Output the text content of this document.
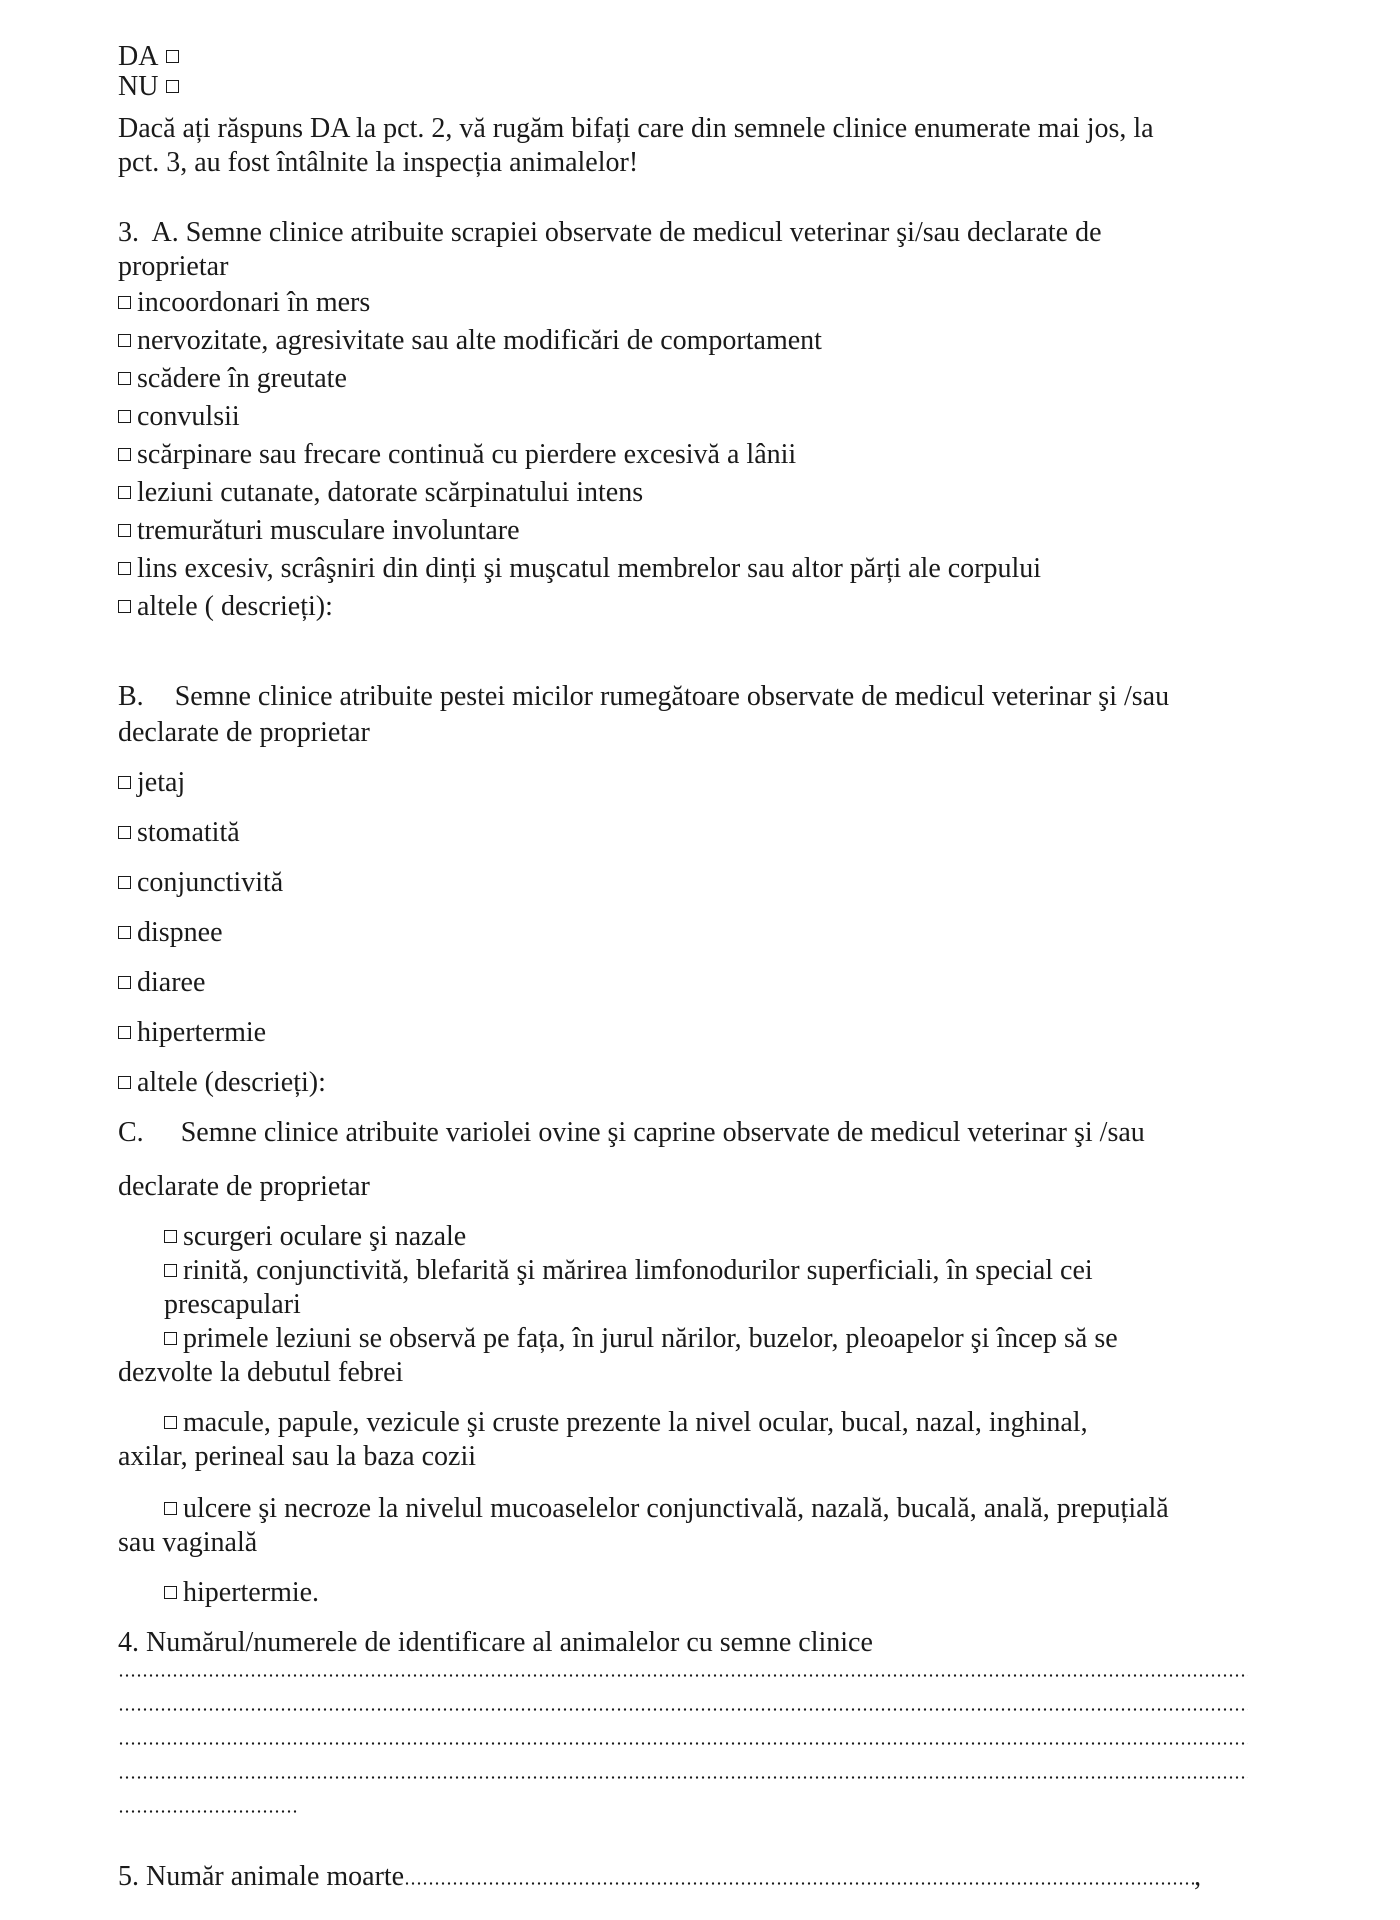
DA
NU
Dacă ați răspuns DA la pct. 2, vă rugăm bifați care din semnele clinice enumerate mai jos, la
pct. 3, au fost întâlnite la inspecția animalelor!
3. A. Semne clinice atribuite scrapiei observate de medicul veterinar şi/sau declarate de
proprietar
incoordonari în mers
nervozitate, agresivitate sau alte modificări de comportament
scădere în greutate
convulsii
scărpinare sau frecare continuă cu pierdere excesivă a lânii
leziuni cutanate, datorate scărpinatului intens
tremurături musculare involuntare
lins excesiv, scrâşniri din dinți şi muşcatul membrelor sau altor părți ale corpului
altele ( descrieți):
B. Semne clinice atribuite pestei micilor rumegătoare observate de medicul veterinar şi /sau
declarate de proprietar
jetaj
stomatită
conjunctivită
dispnee
diaree
hipertermie
altele (descrieți):
C. Semne clinice atribuite variolei ovine şi caprine observate de medicul veterinar şi /sau
declarate de proprietar
scurgeri oculare şi nazale
rinită, conjunctivită, blefarită şi mărirea limfonodurilor superficiali, în special cei
prescapulari
primele leziuni se observă pe fața, în jurul nărilor, buzelor, pleoapelor şi încep să se
dezvolte la debutul febrei
macule, papule, vezicule şi cruste prezente la nivel ocular, bucal, nazal, inghinal,
axilar, perineal sau la baza cozii
ulcere şi necroze la nivelul mucoaselelor conjunctivală, nazală, bucală, anală, prepuțială
sau vaginală
hipertermie.
4. Numărul/numerele de identificare al animalelor cu semne clinice
5. Număr animale moarte	,
